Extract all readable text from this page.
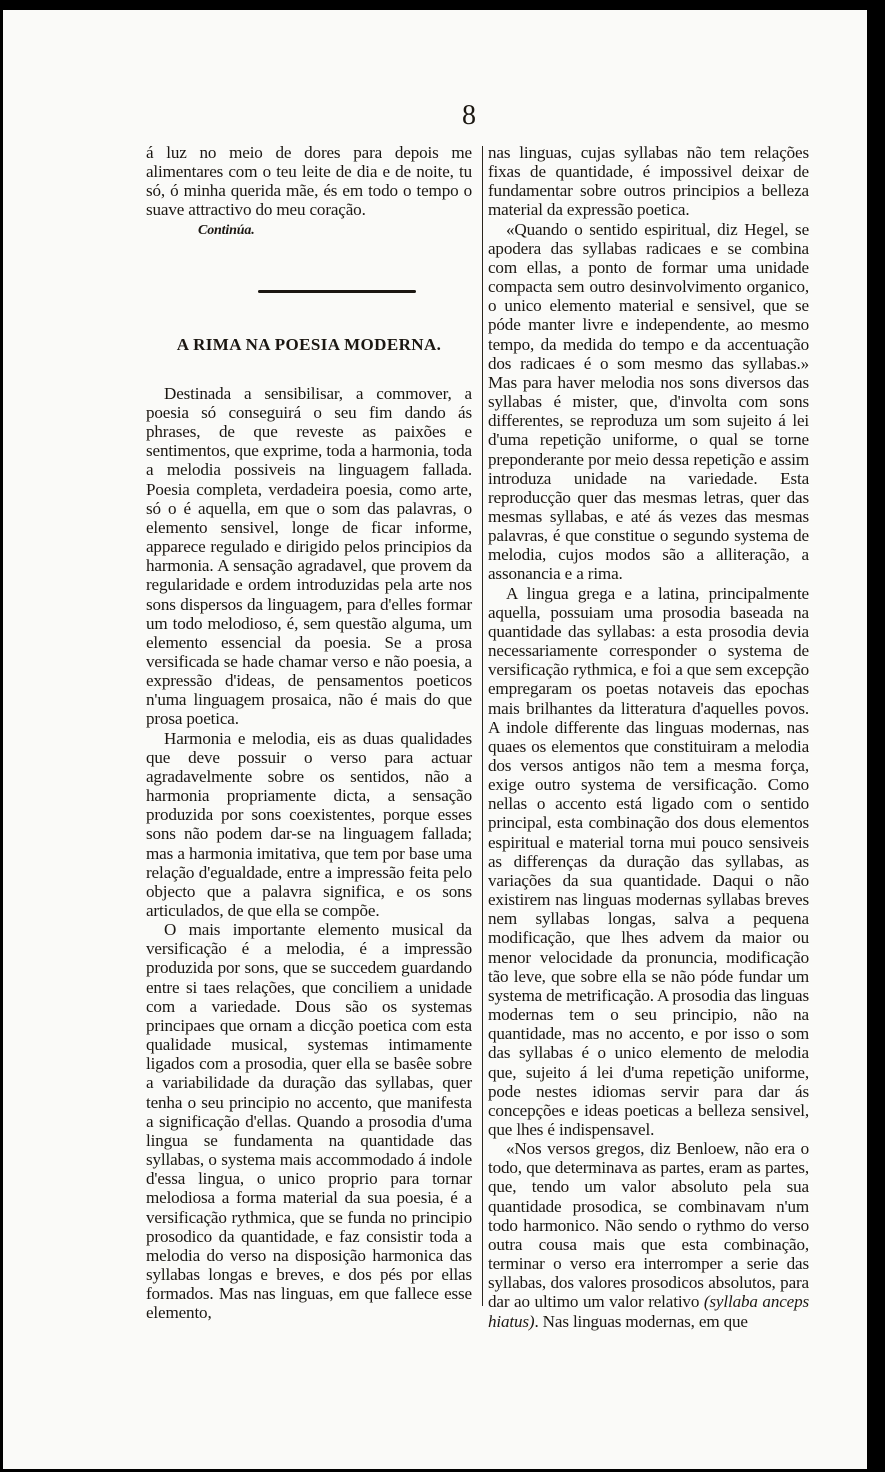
8

á luz no meio de dores para depois me alimentares com o teu leite de dia e de noite, tu só, ó minha querida mãe, és em todo o tempo o suave attractivo do meu coração.

Continúa.
A RIMA NA POESIA MODERNA.

Destinada a sensibilisar, a commover, a poesia só conseguirá o seu fim dando ás phrases, de que reveste as paixões e sentimentos, que exprime, toda a harmonia, toda a melodia possiveis na linguagem fallada. Poesia completa, verdadeira poesia, como arte, só o é aquella, em que o som das palavras, o elemento sensivel, longe de ficar informe, apparece regulado e dirigido pelos principios da harmonia. A sensação agradavel, que provem da regularidade e ordem introduzidas pela arte nos sons dispersos da linguagem, para d'elles formar um todo melodioso, é, sem questão alguma, um elemento essencial da poesia. Se a prosa versificada se hade chamar verso e não poesia, a expressão d'ideas, de pensamentos poeticos n'uma linguagem prosaica, não é mais do que prosa poetica.

Harmonia e melodia, eis as duas qualidades que deve possuir o verso para actuar agradavelmente sobre os sentidos, não a harmonia propriamente dicta, a sensação produzida por sons coexistentes, porque esses sons não podem dar-se na linguagem fallada; mas a harmonia imitativa, que tem por base uma relação d'egualdade, entre a impressão feita pelo objecto que a palavra significa, e os sons articulados, de que ella se compõe.

O mais importante elemento musical da versificação é a melodia, é a impressão produzida por sons, que se succedem guardando entre si taes relações, que conciliem a unidade com a variedade. Dous são os systemas principaes que ornam a dicção poetica com esta qualidade musical, systemas intimamente ligados com a prosodia, quer ella se basêe sobre a variabilidade da duração das syllabas, quer tenha o seu principio no accento, que manifesta a significação d'ellas. Quando a prosodia d'uma lingua se fundamenta na quantidade das syllabas, o systema mais accommodado á indole d'essa lingua, o unico proprio para tornar melodiosa a forma material da sua poesia, é a versificação rythmica, que se funda no principio prosodico da quantidade, e faz consistir toda a melodia do verso na disposição harmonica das syllabas longas e breves, e dos pés por ellas formados. Mas nas linguas, em que fallece esse elemento,

nas linguas, cujas syllabas não tem relações fixas de quantidade, é impossivel deixar de fundamentar sobre outros principios a belleza material da expressão poetica.

«Quando o sentido espiritual, diz Hegel, se apodera das syllabas radicaes e se combina com ellas, a ponto de formar uma unidade compacta sem outro desinvolvimento organico, o unico elemento material e sensivel, que se póde manter livre e independente, ao mesmo tempo, da medida do tempo e da accentuação dos radicaes é o som mesmo das syllabas.» Mas para haver melodia nos sons diversos das syllabas é mister, que, d'involta com sons differentes, se reproduza um som sujeito á lei d'uma repetição uniforme, o qual se torne preponderante por meio dessa repetição e assim introduza unidade na variedade. Esta reproducção quer das mesmas letras, quer das mesmas syllabas, e até ás vezes das mesmas palavras, é que constitue o segundo systema de melodia, cujos modos são a alliteração, a assonancia e a rima.

A lingua grega e a latina, principalmente aquella, possuiam uma prosodia baseada na quantidade das syllabas: a esta prosodia devia necessariamente corresponder o systema de versificação rythmica, e foi a que sem excepção empregaram os poetas notaveis das epochas mais brilhantes da litteratura d'aquelles povos. A indole differente das linguas modernas, nas quaes os elementos que constituiram a melodia dos versos antigos não tem a mesma força, exige outro systema de versificação. Como nellas o accento está ligado com o sentido principal, esta combinação dos dous elementos espiritual e material torna mui pouco sensiveis as differenças da duração das syllabas, as variações da sua quantidade. Daqui o não existirem nas linguas modernas syllabas breves nem syllabas longas, salva a pequena modificação, que lhes advem da maior ou menor velocidade da pronuncia, modificação tão leve, que sobre ella se não póde fundar um systema de metrificação. A prosodia das linguas modernas tem o seu principio, não na quantidade, mas no accento, e por isso o som das syllabas é o unico elemento de melodia que, sujeito á lei d'uma repetição uniforme, pode nestes idiomas servir para dar ás concepções e ideas poeticas a belleza sensivel, que lhes é indispensavel.

«Nos versos gregos, diz Benloew, não era o todo, que determinava as partes, eram as partes, que, tendo um valor absoluto pela sua quantidade prosodica, se combinavam n'um todo harmonico. Não sendo o rythmo do verso outra cousa mais que esta combinação, terminar o verso era interromper a serie das syllabas, dos valores prosodicos absolutos, para dar ao ultimo um valor relativo (syllaba anceps hiatus). Nas linguas modernas, em que
